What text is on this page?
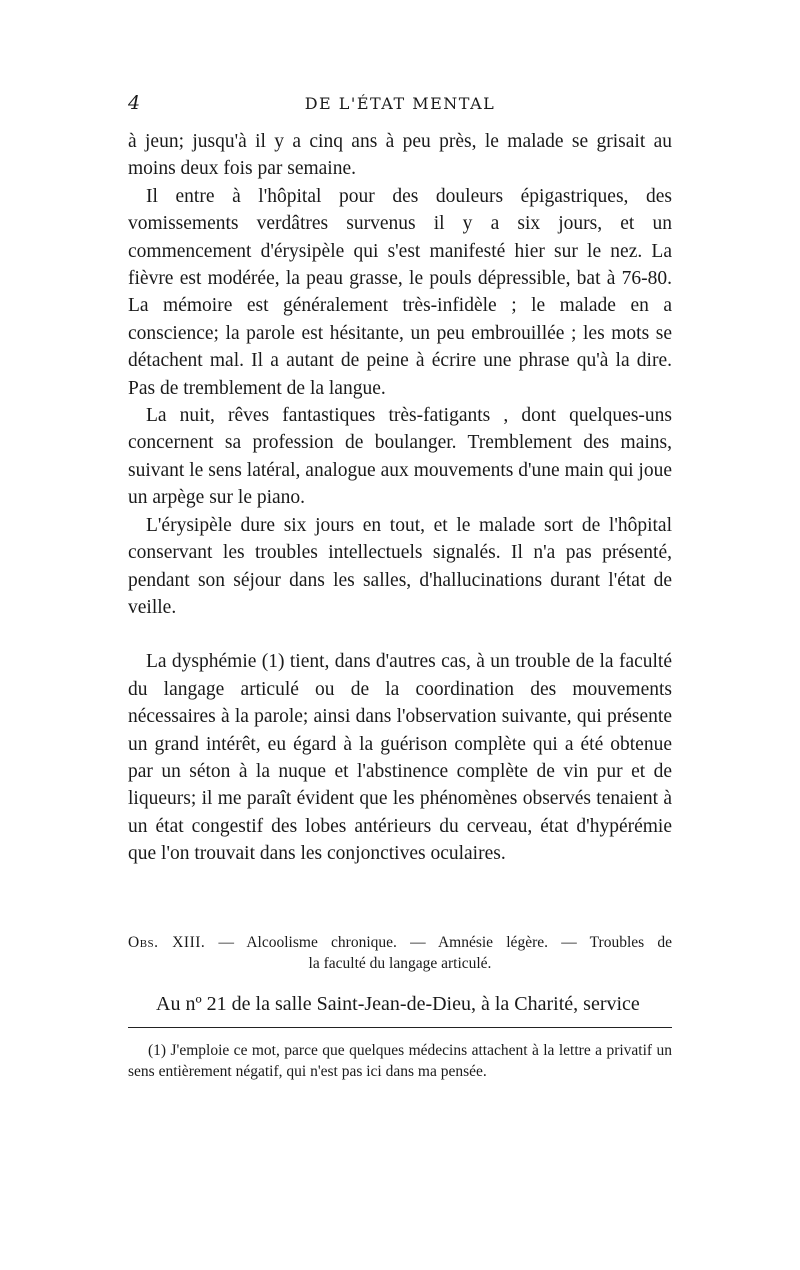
4	DE L'ÉTAT MENTAL

à jeun; jusqu'à il y a cinq ans à peu près, le malade se grisait au moins deux fois par semaine.

Il entre à l'hôpital pour des douleurs épigastriques, des vomissements verdâtres survenus il y a six jours, et un commencement d'érysipèle qui s'est manifesté hier sur le nez. La fièvre est modérée, la peau grasse, le pouls dépressible, bat à 76-80. La mémoire est généralement très-infidèle ; le malade en a conscience; la parole est hésitante, un peu embrouillée ; les mots se détachent mal. Il a autant de peine à écrire une phrase qu'à la dire. Pas de tremblement de la langue.

La nuit, rêves fantastiques très-fatigants , dont quelques-uns concernent sa profession de boulanger. Tremblement des mains, suivant le sens latéral, analogue aux mouvements d'une main qui joue un arpège sur le piano.

L'érysipèle dure six jours en tout, et le malade sort de l'hôpital conservant les troubles intellectuels signalés. Il n'a pas présenté, pendant son séjour dans les salles, d'hallucinations durant l'état de veille.

La dysphémie (1) tient, dans d'autres cas, à un trouble de la faculté du langage articulé ou de la coordination des mouvements nécessaires à la parole; ainsi dans l'observation suivante, qui présente un grand intérêt, eu égard à la guérison complète qui a été obtenue par un séton à la nuque et l'abstinence complète de vin pur et de liqueurs; il me paraît évident que les phénomènes observés tenaient à un état congestif des lobes antérieurs du cerveau, état d'hypérémie que l'on trouvait dans les conjonctives oculaires.

Obs. XIII. — Alcoolisme chronique. — Amnésie légère. — Troubles de
la faculté du langage articulé.
Au nº 21 de la salle Saint-Jean-de-Dieu, à la Charité, service
(1) J'emploie ce mot, parce que quelques médecins attachent à la lettre a privatif un sens entièrement négatif, qui n'est pas ici dans ma pensée.
